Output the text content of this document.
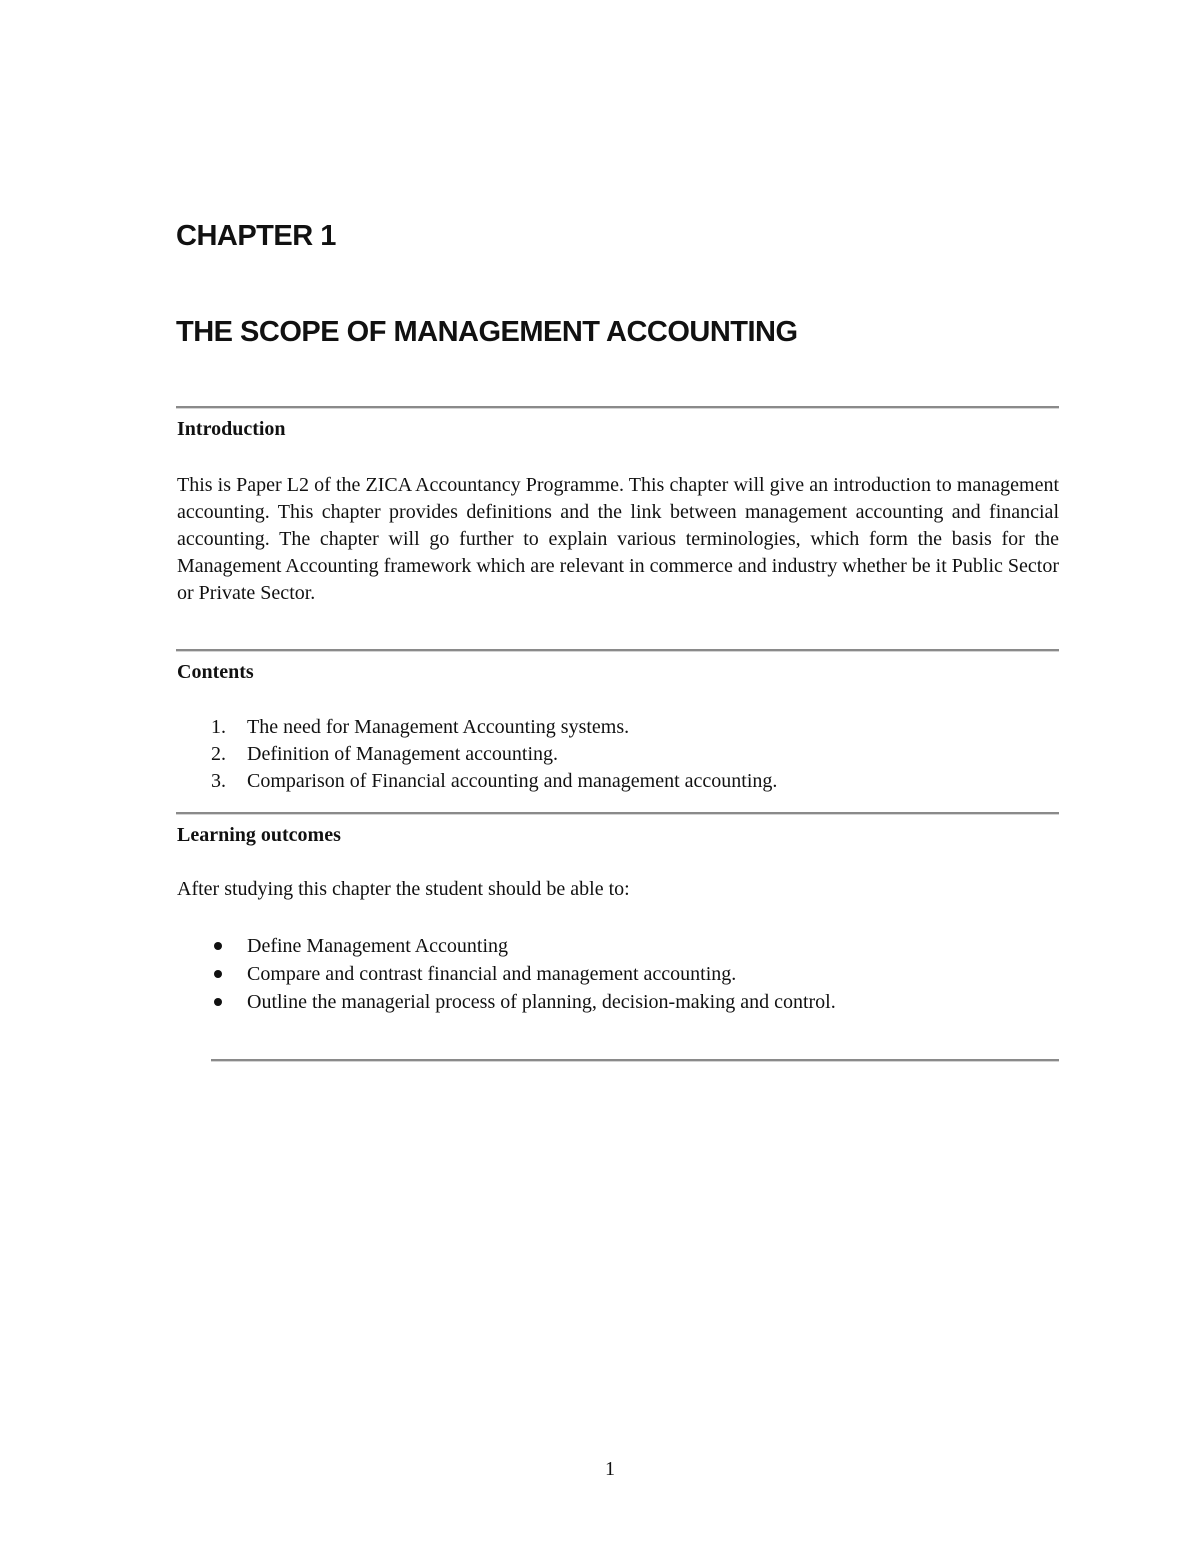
CHAPTER 1
THE SCOPE OF MANAGEMENT ACCOUNTING
Introduction

This is Paper L2 of the ZICA Accountancy Programme. This chapter will give an introduction to management accounting. This chapter provides definitions and the link between management accounting and financial accounting. The chapter will go further to explain various terminologies, which form the basis for the Management Accounting framework which are relevant in commerce and industry whether be it Public Sector or Private Sector.

Contents
1. The need for Management Accounting systems.
2. Definition of Management accounting.
3. Comparison of Financial accounting and management accounting.
Learning outcomes

After studying this chapter the student should be able to:

Define Management Accounting
Compare and contrast financial and management accounting.
Outline the managerial process of planning, decision-making and control.

1
